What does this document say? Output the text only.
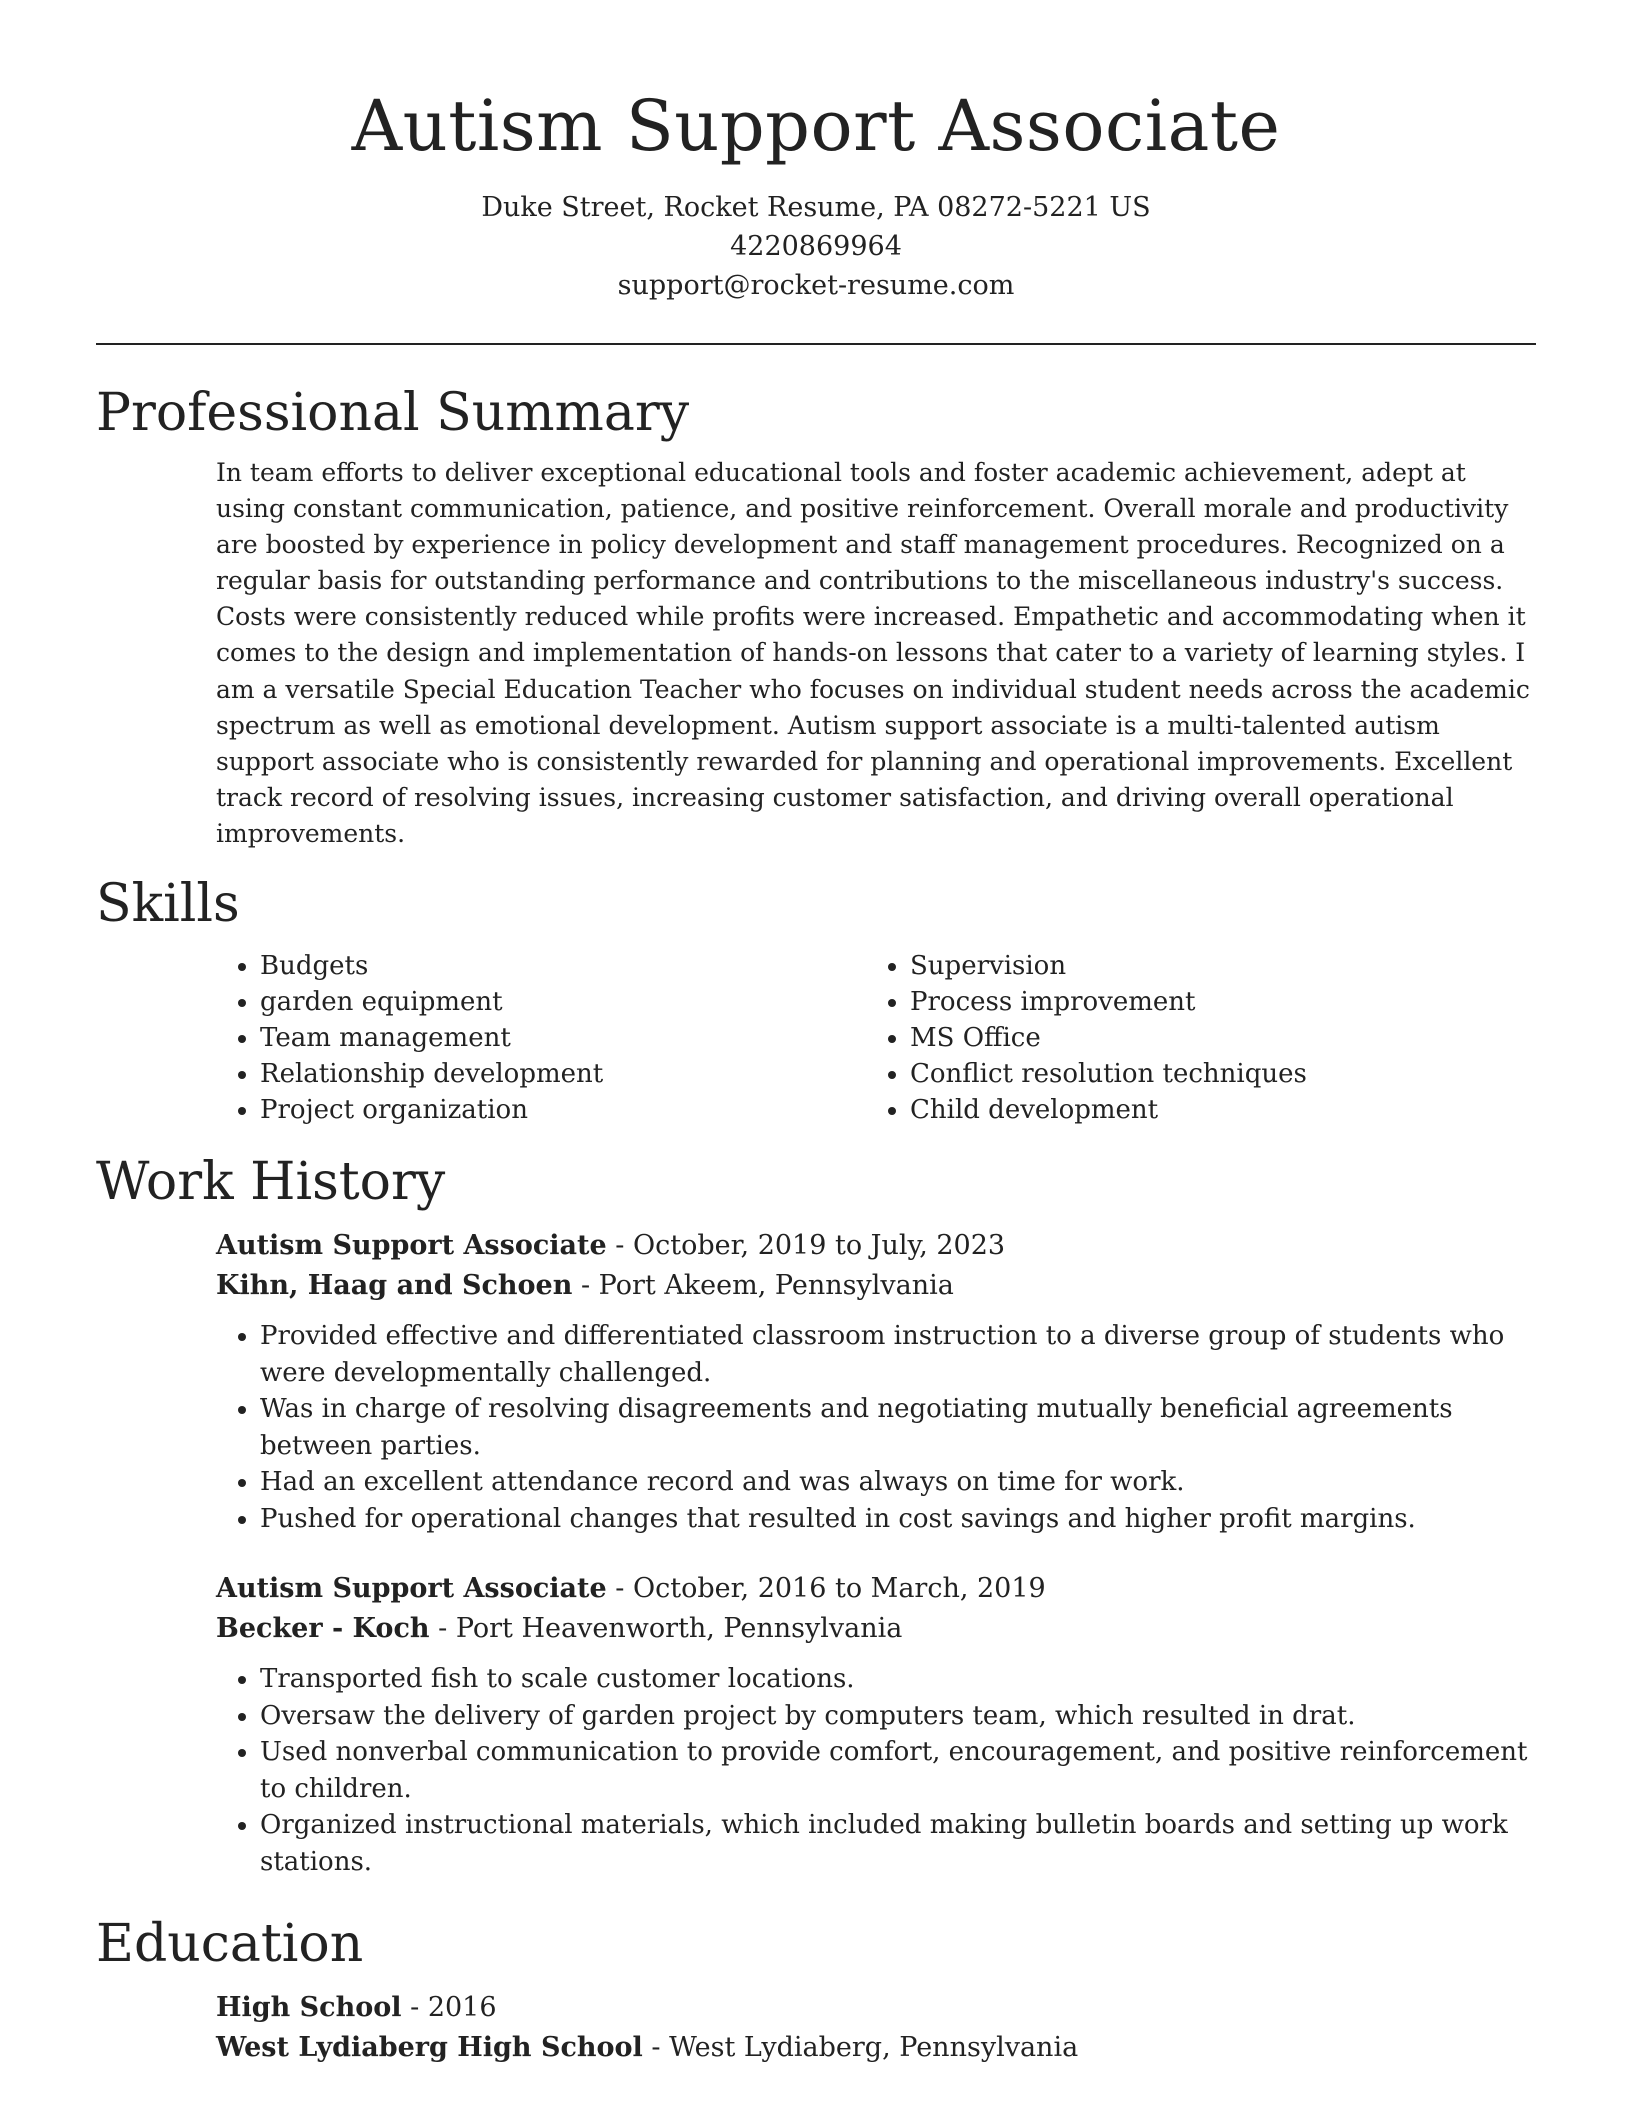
Autism Support Associate
Duke Street, Rocket Resume, PA 08272-5221 US
4220869964
support@rocket-resume.com
Professional Summary

In team efforts to deliver exceptional educational tools and foster academic achievement, adept at using constant communication, patience, and positive reinforcement. Overall morale and productivity are boosted by experience in policy development and staff management procedures. Recognized on a regular basis for outstanding performance and contributions to the miscellaneous industry's success. Costs were consistently reduced while profits were increased. Empathetic and accommodating when it comes to the design and implementation of hands-on lessons that cater to a variety of learning styles. I am a versatile Special Education Teacher who focuses on individual student needs across the academic spectrum as well as emotional development. Autism support associate is a multi-talented autism support associate who is consistently rewarded for planning and operational improvements. Excellent track record of resolving issues, increasing customer satisfaction, and driving overall operational improvements.

Skills
• Budgets
• garden equipment
• Team management
• Relationship development
• Project organization
• Supervision
• Process improvement
• MS Office
• Conflict resolution techniques
• Child development
Work History
Autism Support Associate - October, 2019 to July, 2023
Kihn, Haag and Schoen - Port Akeem, Pennsylvania
• Provided effective and differentiated classroom instruction to a diverse group of students who were developmentally challenged.
• Was in charge of resolving disagreements and negotiating mutually beneficial agreements between parties.
• Had an excellent attendance record and was always on time for work.
• Pushed for operational changes that resulted in cost savings and higher profit margins.
Autism Support Associate - October, 2016 to March, 2019
Becker - Koch - Port Heavenworth, Pennsylvania
• Transported fish to scale customer locations.
• Oversaw the delivery of garden project by computers team, which resulted in drat.
• Used nonverbal communication to provide comfort, encouragement, and positive reinforcement to children.
• Organized instructional materials, which included making bulletin boards and setting up work stations.
Education
High School - 2016
West Lydiaberg High School - West Lydiaberg, Pennsylvania
